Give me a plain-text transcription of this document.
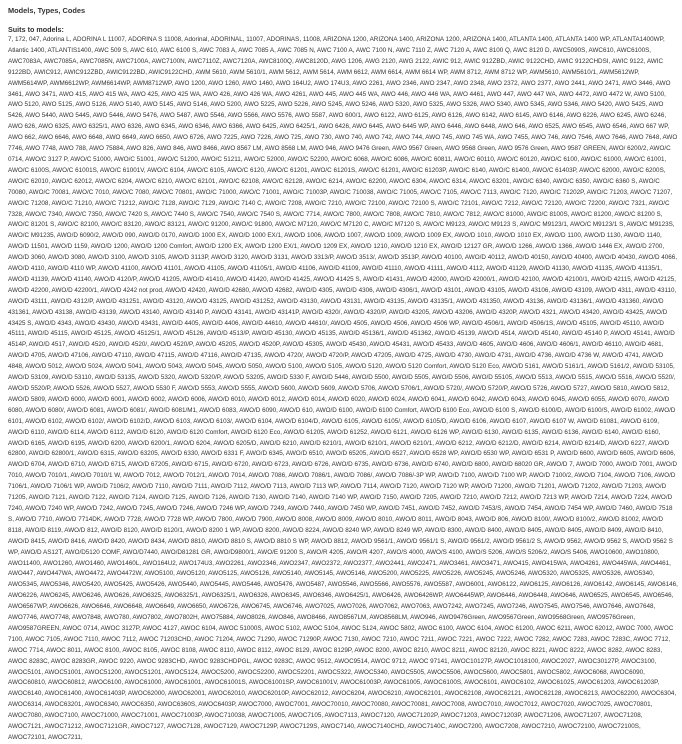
Models, Types, Codes
Suits to models:

7, 172, 047, Adorina L, ADORINA L 11007, ADORINA S 11008, Adorinal, ADORINAL, 11007, ADORINAS, 11008, ARIZONA 1200, ARIZONA 1400, ARIZONA 1200, ARIZONA 1400, ATLANTA 1400, ATLANTA 1400 WP, ATLANTA1400WP, Atlantic 1400, ATLANTIS1400, AWC 509 S, AWC 610, AWC 6100 S, AWC 7083 A, AWC 7085 A, AWC 7085 N, AWC 7100 A, AWC 7100 N, AWC 7110 Z, AWC 7120 A, AWC 8100 Q, AWC 8120 D, AWC5090S, AWC610, AWC6100S, AWC7083A, AWC7085A, AWC7085N, AWC7100A, AWC7100N, AWC7110Z, AWC7120A, AWC8100Q, AWC8120D, AWG 1206, AWG 2120, AWG 2122, AWIC 912, AWIC 912ZBD, AWIC 9122CHD, AWIC 9122CHDSI, AWIC 9122, AWIC 9122BD, AWIC912, AWIC912ZBD, AWIC9122BD, AWIC9122CHD, AWM 5610, AWM 5610/1, AWM 5612, AWM 5614, AWM 6612, AWM 6614, AWM 6614 WP, AWM 8712, AWM 8712 WP, AWM5610, AWM5610/1, AWM5612WP, AWM5614WP, AWM6612WP, AWM6614WP, AWM8712WP, AWO 1200, AWO 1260, AWO 1460, AWO 164U2, AWO 174U3, AWO 2261, AWO 2346, AWO 2347, AWO 2348, AWO 2372, AWO 2377, AWO 2441, AWO 2471, AWO 3446, AWO 3461, AWO 3471, AWO 415, AWO 415 WA, AWO 425, AWO 425 WA, AWO 426, AWO 426 WA, AWO 4261, AWO 445, AWO 445 WA, AWO 446, AWO 446 WA, AWO 4461, AWO 447, AWO 447 WA, AWO 4472, AWO 4472 W, AWO 5100, AWO 5120, AWO 5125, AWO 5126, AWO 5140, AWO 5145, AWO 5146, AWO 5200, AWO 5225, AWO 5226, AWO 5245, AWO 5246, AWO 5320, AWO 5325, AWO 5326, AWO 5340, AWO 5345, AWO 5346, AWO 5420, AWO 5425, AWO 5426, AWO 5440, AWO 5445, AWO 5446, AWO 5476, AWO 5487, AWO 5546, AWO 5566, AWO 5576, AWO 5587, AWO 600/1, AWO 6122, AWO 6125, AWO 6126, AWO 6142, AWO 6145, AWO 6146, AWO 6226, AWO 6245, AWO 6246, AWO 626, AWO 6325, AWO 6325/1, AWO 6326, AWO 6345, AWO 6346, AWO 6366, AWO 6425, AWO 6425/1, AWO 6426, AWO 6445, AWO 6445 WP, AWO 6446, AWO 6448, AWO 646, AWO 6525, AWO 6545, AWO 6546, AWO 667 WP, AWO 662, AWO 6646, AWO 6648, AWO 6649, AWO 6650, AWO 6726, AWO 7225, AWO 7226, AWO 725, AWO 730, AWO 740, AWO 742, AWO 744, AWO 745, AWO 745 WA, AWO 7455, AWO 746, AWO 7546, AWO 7646, AWO 7648, AWO 7746, AWO 7748, AWO 788, AWO 75884, AWO 826, AWO 846, AWO 8466, AWO 8567 LM, AWO 8568 LM, AWO 946, AWO 9476 Green, AWO 9567 Green, AWO 9568 Green, AWO 9576 Green, AWO 9587 GREEN, AWO/ 6200/2, AWO/C 0714, AWO/C 3127 P, AWO/C 51000, AWO/C 51001, AWO/C 51200, AWO/C 51211, AWO/C 52000, AWO/C 52200, AWO/C 6068, AWO/C 6086, AWO/C 60811, AWO/C 60110, AWO/C 60120, AWO/C 6100, AWO/C 61000, AWO/C 61001, AWO/C 6100S, AWO/C 61001S, AWO/C 61001V, AWO/C 6104, AWO/C 6105, AWO/C 6120, AWO/C 61201, AWO/C 61201S, AWO/C 61201, AWO/C 61203P, AWO/C 6140, AWO/C 61400, AWO/C 61403P, AWO/C 62000, AWO/C 6200S, AWO/C 62010, AWO/C 62012, AWO/C 6204, AWO/C 6210, AWO/C 62101, AWO/C 62108, AWO/C 62128, AWO/C 6214, AWO/C 62200, AWO/C 6304, AWO/C 6314, AWO/C 63201, AWO/C 6340, AWO/C 6350, AWO/C 6360 S, AWO/C 70080, AWO/C 70081, AWO/C 7010, AWO/C 7080, AWO/C 70801, AWO/C 71000, AWO/C 71001, AWO/C 71003P, AWO/C 710038, AWO/C 71005, AWO/C 7105, AWO/C 7113, AWO/C 7120, AWO/C 71202P, AWO/C 71203, AWO/C 71207, AWO/C 71208, AWO/C 71210, AWO/C 71212, AWO/C 7128, AWO/C 7129, AWO/C 7140 C, AWO/C 7208, AWO/C 7210, AWO/C 72100, AWO/C 72100 S, AWO/C 72101, AWO/C 7212, AWO/C 72120, AWO/C 72200, AWO/C 7321, AWO/C 7328, AWO/C 7340, AWO/C 7350, AWO/C 7420 S, AWO/C 7440 S, AWO/C 7540, AWO/C 7540 S, AWO/C 7714, AWO/C 7800, AWO/C 7808, AWO/C 7810, AWO/C 7812, AWO/C 81000, AWO/C 8100S, AWO/C 81200, AWO/C 81200 S, AWO/C 81201 S, AWO/C 82100, AWO/C 83120, AWO/C 83121, AWO/C 91200, AWO/C 91800, AWO/C M7120, AWO/C M7120 C, AWO/C M7120 S, AWO/C M9123, AWO/C M9123 S, AWO/C M9123/1, AWO/C M9123/1 S, AWO/C M9123S, AWO/C M91235, AWO/D 6090/2, AWO/D 090, AWO/D 0170, AWO/D 1000 EX, AWO/D 1000 EX/1, AWO/D 1006, AWO/D 1007, AWO/D 1009, AWO/D 1009 EX, AWO/D 1010, AWO/D 1010 EX, AWO/D 1100, AWO/D 1130, AWO/D 1140, AWO/D 11501, AWO/D 1159, AWO/D 1200, AWO/D 1200 Comfort, AWO/D 1200 EX, AWO/D 1200 EX/1, AWO/D 1209 EX, AWO/D 1210, AWO/D 1210 EX, AWO/D 12127 GR, AWO/D 1266, AWO/D 1366, AWO/D 1446 EX, AWO/D 2700, AWO/D 3060, AWO/D 3080, AWO/D 3100, AWO/D 3105, AWO/D 3113P, AWO/D 3120, AWO/D 3131, AWO/D 3313/P, AWO/D 3513/, AWO/D 3513P, AWO/D 40100, AWO/D 40112, AWO/D 40150, AWO/D 40400, AWO/D 40430, AWO/D 4066, AWO/D 4110, AWO/D 4110 WP, AWO/D 41100, AWO/D 41101, AWO/D 41105, AWO/D 41105/1, AWO/D 41106, AWO/D 41109, AWO/D 41110, AWO/D 41111, AWO/D 4112, AWO/D 41129, AWO/D 41130, AWO/D 41135, AWO/D 41135/1, AWO/D 41139, AWO/D 41140, AWO/D 4120/P, AWO/D 41205, AWO/D 41410, AWO/D 41420, AWO/D 41425, AWO/D 41425 S, AWO/D 41431, AWO/D 42000, AWO/D 42000/1, AWO/D 42100, AWO/D 42100/1, AWO/D 42115, AWO/D 42125, AWO/D 42200, AWO/D 42200/1, AWO/D 4242 not prod, AWO/D 42420, AWO/D 42680, AWO/D 42682, AWO/D 4305, AWO/D 4306, AWO/D 4306/1, AWO/D 43101, AWO/D 43105, AWO/D 43106, AWO/D 43109, AWO/D 4311, AWO/D 43110, AWO/D 43111, AWO/D 4312/P, AWO/D 431251, AWO/D 43120, AWO/D 43125, AWO/D 431252, AWO/D 43130, AWO/D 43131, AWO/D 43135, AWO/D 43135/1, AWO/D 431350, AWO/D 43136, AWO/D 43136/1, AWO/D 431360, AWO/D 431361, AWO/D 43138, AWO/D 43139, AWO/D 43140, AWO/D 43140 P, AWO/D 43141, AWO/D 43141P, AWO/D 4320/, AWO/D 4320/P, AWO/D 43205, AWO/D 43206, AWO/D 4320P, AWO/D 4321, AWO/D 43420, AWO/D 43425, AWO/D 43425 S, AWO/D 4343, AWO/D 43430, AWO/D 43431, AWO/D 4405, AWO/D 4406, AWO/D 44610, AWO/D 44610/, AWO/D 4505, AWO/D 4506, AWO/D 4506 WP, AWO/D 4506/1, AWO/D 4506/1S, AWO/D 45105, AWO/D 45110, AWO/D 45111, AWO/D 45115, AWO/D 45125, AWO/D 45125/1, AWO/D 45126, AWO/D 4513/P, AWO/D 45130, AWO/D 45135, AWO/D 45136/1, AWO/D 451362, AWO/D 45139, AWO/D 4514, AWO/D 45140, AWO/D 45140 P, AWO/D 45141, AWO/D 4514P, AWO/D 4517, AWO/D 4520, AWO/D 4520/, AWO/D 4520/P, AWO/D 45205, AWO/D 4520P, AWO/D 45305, AWO/D 45430, AWO/D 45431, AWO/D 45433, AWO/D 4605, AWO/D 4606, AWO/D 4606/1, AWO/D 46110, AWO/D 4681, AWO/D 4705, AWO/D 47106, AWO/D 47110, AWO/D 47115, AWO/D 47116, AWO/D 47135, AWO/D 4720/, AWO/D 4720/P, AWO/D 47205, AWO/D 4725, AWO/D 4730, AWO/D 4731, AWO/D 4736, AWO/D 4736 W, AWO/D 4741, AWO/D 4848, AWO/D 5012, AWO/D 5024, AWO/D 5041, AWO/D 5043, AWO/D 5045, AWO/D 5050, AWO/D 5100, AWO/D 5105, AWO/D 5120, AWO/D 5120 Comfort, AWO/D 5120 Eco, AWO/D 5161, AWO/D 5161/1, AWO/D 5161/2, AWO/D 53105, AWO/D 53109, AWO/D 53110, AWO/D 53135, AWO/D 5320, AWO/D 5320/P, AWO/D 53205, AWO/D 5330 F, AWO/D 5446, AWO/D 5500, AWO/D 5505, AWO/D 5506, AWO/D 55105, AWO/D 5513, AWO/D 5515, AWO/D 5516, AWO/D 5520/, AWO/D 5520/P, AWO/D 5526, AWO/D 5527, AWO/D 5530 F, AWO/D 5553, AWO/D 5555, AWO/D 5600, AWO/D 5609, AWO/D 5706, AWO/D 5706/1, AWO/D 5720/, AWO/D 5720/P, AWO/D 5726, AWO/D 5727, AWO/D 5810, AWO/D 5812, AWO/D 5809, AWO/D 6000, AWO/D 6001, AWO/D 6002, AWO/D 6006, AWO/D 6010, AWO/D 6012, AWO/D 6014, AWO/D 6020, AWO/D 6024, AWO/D 6041, AWO/D 6042, AWO/D 6043, AWO/D 6045, AWO/D 6055, AWO/D 6070, AWO/D 6080, AWO/D 6080/, AWO/D 6081, AWO/D 6081/, AWO/D 6081/M1, AWO/D 6083, AWO/D 6090, AWO/D 610, AWO/D 6100, AWO/D 6100 Comfort, AWO/D 6100 Eco, AWO/D 6100 S, AWO/D 6100/D, AWO/D 6100/S, AWO/D 61002, AWO/D 6101, AWO/D 6102, AWO/D 6102/, AWO/D 6102/D, AWO/D 6103, AWO/D 6103/, AWO/D 6104, AWO/D 6104/D, AWO/D 6105, AWO/D 6105/, AWO/D 6105/D, AWO/D 6106, AWO/D 6107, AWO/D 6107 W, AWO/D 61081, AWO/D 6109, AWO/D 6110, AWO/D 6114, AWO/D 6112, AWO/D 6120, AWO/D 6120 Comfort, AWO/D 6120 Eco, AWO/D 61205, AWO/D 61252, AWO/D 6121, AWO/D 6126 WP, AWO/D 6130, AWO/D 6135, AWO/D 6136, AWO/D 6140, AWO/D 6160, AWO/D 6165, AWO/D 6195, AWO/D 6200, AWO/D 6200/1, AWO/D 6204, AWO/D 6205/D, AWO/D 6210, AWO/D 6210/1, AWO/D 6210/1, AWO/D 6210/1, AWO/D 6212, AWO/D 6212/D, AWO/D 6214, AWO/D 6214/D, AWO/D 6227, AWO/D 62800, AWO/D 62800/1, AWO/D 6315, AWO/D 63205, AWO/D 6330, AWO/D 6331 F, AWO/D 6345, AWO/D 6510, AWO/D 65205, AWO/D 6527, AWO/D 6528 WP, AWO/D 6530 WP, AWO/D 6531 P, AWO/D 6600, AWO/D 6605, AWO/D 6606, AWO/D 6704, AWO/D 6710, AWO/D 6715, AWO/D 67205, AWO/D 6715, AWO/D 6720, AWO/D 6723, AWO/D 6726, AWO/D 6735, AWO/D 6736, AWO/D 6740, AWO/D 6800, AWO/D 68020 GR, AWO/D 7, AWO/D 7000, AWO/D 7001, AWO/D 7010, AWO/D 7010/1, AWO/D 7010/1 W, AWO/D 7012, AWO/D 7012/1, AWO/D 7014, AWO/D 7086, AWO/D 7086/1, AWO/D 7086/, AWO/D 7086/-3P WP, AWO/D 7100, AWO/D 7100 WP, AWO/D 7100/2, AWO/D 7104, AWO/D 7106, AWO/D 7106/1, AWO/D 7106/1 WP, AWO/D 7106/2, AWO/D 7110, AWO/D 7111, AWO/D 7112, AWO/D 7113, AWO/D 7113 WP, AWO/D 7114, AWO/D 7120, AWO/D 7120 WP, AWO/D 71200, AWO/D 71201, AWO/D 71202, AWO/D 71203, AWO/D 71205, AWO/D 7121, AWO/D 7122, AWO/D 7124, AWO/D 7125, AWO/D 7126, AWO/D 7130, AWO/D 7140, AWO/D 7140 WP, AWO/D 7150, AWO/D 7205, AWO/D 7210, AWO/D 7212, AWO/D 7213 WP, AWO/D 7214, AWO/D 7224, AWO/D 7240, AWO/D 7240 WP, AWO/D 7242, AWO/D 7245, AWO/D 7246, AWO/D 7246 WP, AWO/D 7249, AWO/D 7440, AWO/D 7450 WP, AWO/D 7451, AWO/D 7452, AWO/D 7453/S, AWO/D 7454, AWO/D 7454 WP, AWO/D 7460, AWO/D 7518 S, AWO/D 7710, AWO/D 7714DK, AWO/D 7728, AWO/D 7728 WP, AWO/D 7800, AWO/D 7900, AWO/D 8008, AWO/D 8009, AWO/D 8010, AWO/D 8011, AWO/D 8043, AWO/D 806, AWO/D 8100/, AWO/D 8100/2, AWO/D 81002, AWO/D 8118, AWO/D 8119, AWO/D 812, AWO/D 8120, AWO/D 8120/1, AWO/D 8200 1 WP, AWO/D 8200, AWO/D 8224, AWO/D 8240 WP, AWO/D 8249 WP, AWO/D 8300, AWO/D 8400, AWO/D 8405, AWO/D 8405, AWO/D 8409, AWO/D 8410, AWO/D 8415, AWO/D 8416, AWO/D 8420, AWO/D 8434, AWO/D 8810, AWO/D 8810 S, AWO/D 8810 S WP, AWO/D 8812, AWO/D 9561/1, AWO/D 9561/1 S, AWO/D 9561/2, AWO/D 9561/2 S, AWO/D 9562, AWO/D 9562 S, AWO/D 9562 S WP, AWO/D AS12T, AWO/D5120 COMF, AWO/D7440, AWO/D81281 GR, AWO/D9800/1, AWO/E 91200 S, AWO/R 4205, AWO/R 4207, AWO/S 4000, AWO/S 4100, AWO/S 5206, AWO/S 5206/2, AWO/S 5406, AWO10600, AWO10800, AWO11400, AWO1260, AWO1460, AWO1460L, AWO164U2, AWO174U3, AWO2261, AWO2346, AWO2347, AWO2372, AWO2377, AWO2441, AWO2471, AWO3461, AWO3471, AWO415, AWO415WA, AWO4261, AWO445WA, AWO4461, AWO447, AWO447WA, AWO4472, AWO4472W, AWO5100, AWO5120, AWO5125, AWO5126, AWO5140, AWO5145, AWO5146, AWO5200, AWO5225, AWO5226, AWO5245, AWO5246, AWO5320, AWO5325, AWO5326, AWO5340, AWO5345, AWO5346, AWO5420, AWO5425, AWO5426, AWO5440, AWO5445, AWO5446, AWO5476, AWO5487, AWO5546, AWO5566, AWO5576, AWO5587, AWO6001, AWO6122, AWO6125, AWO6126, AWO6142, AWO6145, AWO6146, AWO6226, AWO6245, AWO6246, AWO626, AWO6325, AWO6325/1, AWO6325/1, AWO6326, AWO6345, AWO6346, AWO6425/1, AWO6426, AWO6426WP, AWO6445WP, AWO6446, AWO6448, AWO646, AWO6525, AWO6545, AWO6546, AWO6567WP, AWO6626, AWO6646, AWO6648, AWO6649, AWO6650, AWO6726, AWO6745, AWO6746, AWO7025, AWO7026, AWO7062, AWO7063, AWO7242, AWO7245, AWO7246, AWO7545, AWO7546, AWO7646, AWO7648, AWO7746, AWO7748, AWO7848, AWO780, AWO7802, AWO7802H, AWO75884, AWO8026, AWO846, AWO8466, AWO8567LM, AWO8568LM, AWO946, AWO9476Green, AWO9567Green, AWO9568Green, AWO9576Green, AWO9587GREEN, AWOC 0714, AWOC 3127P, AWOC 4127, AWOC 6104, AWOC 51000S, AWOC 5102, AWOC 5104, AWOC 5124, AWOC 5802, AWOC 6100, AWOC 6104, AWOC 61200, AWOC 6211, AWOC 62012, AWOC 7000, AWOC 7100, AWOC 7105, AWOC 7110, AWOC 7112, AWOC 71203CHD, AWOC 71204, AWOC 71290, AWOC 71290P, AWOC 7130, AWOC 7210, AWOC 7211, AWOC 7221, AWOC 7222, AWOC 7282, AWOC 7283, AWOC 7283C, AWOC 7712, AWOC 7714, AWOC 8011, AWOC 8100, AWOC 8105, AWOC 8108, AWOC 8110, AWOC 8112, AWOC 8129, AWOC 8129P, AWOC 8200, AWOC 8210, AWOC 8211, AWOC 82120, AWOC 8221, AWOC 8222, AWOC 8282, AWOC 8283, AWOC 8283C, AWOC 8283GR, AWOC 9220, AWOC 9283CHD, AWOC 9283CHDPGL, AWOC 9283C, AWOC 9512, AWOC9514, AWOC 9712, AWOC 97141, AWOC10127P, AWOC1018100, AWOC2027, AWOC30127P, AWOC3100, AWOC5101, AWOC51001, AWOC51200, AWOC51201, AWOC5124, AWOC5200, AWOC52200, AWOC52201, AWOC5322, AWOC5340, AWOC5505, AWOC5506, AWOC5600, AWOC5801, AWOC5802, AWOC6068, AWOC6090, AWOC60810, AWOC60812, AWOC6100, AWOC61000, AWOC61001, AWOC61001S, AWOC61001SP, AWOC61001V, AWOC61003P, AWOC61005, AWOC6100S, AWOC6101, AWOC6102, AWOC61025, AWOC61203, AWOC61203P, AWOC6140, AWOC61400, AWOC61403P, AWOC62000, AWOC62001, AWOC62010, AWOC62010P, AWOC62012, AWOC6204, AWOC6210, AWOC62101, AWOC62108, AWOC62121, AWOC62128, AWOC6213, AWOC62200, AWOC6304, AWOC6314, AWOC63201, AWOC6340, AWOC6350, AWOC6360S, AWOC6403P, AWOC7000, AWOC7001, AWOC70010, AWOC70080, AWOC70081, AWOC7008, AWOC7010, AWOC7012, AWOC7020, AWOC7025, AWOC70801, AWOC7080, AWOC7100, AWOC71000, AWOC71001, AWOC71003P, AWOC710038, AWOC71005, AWOC7105, AWOC7113, AWOC7120, AWOC71202P, AWOC71203, AWOC71203P, AWOC71206, AWOC71207, AWOC71208, AWOC7121, AWOC71212, AWOC7121GR, AWOC7127, AWOC7128, AWOC7129, AWOC7129P, AWOC7129S, AWOC7140, AWOC7140CHD, AWOC7140C, AWOC7200, AWOC7208, AWOC7210, AWOC72100, AWOC72100S, AWOC72101, AWOC7211,
